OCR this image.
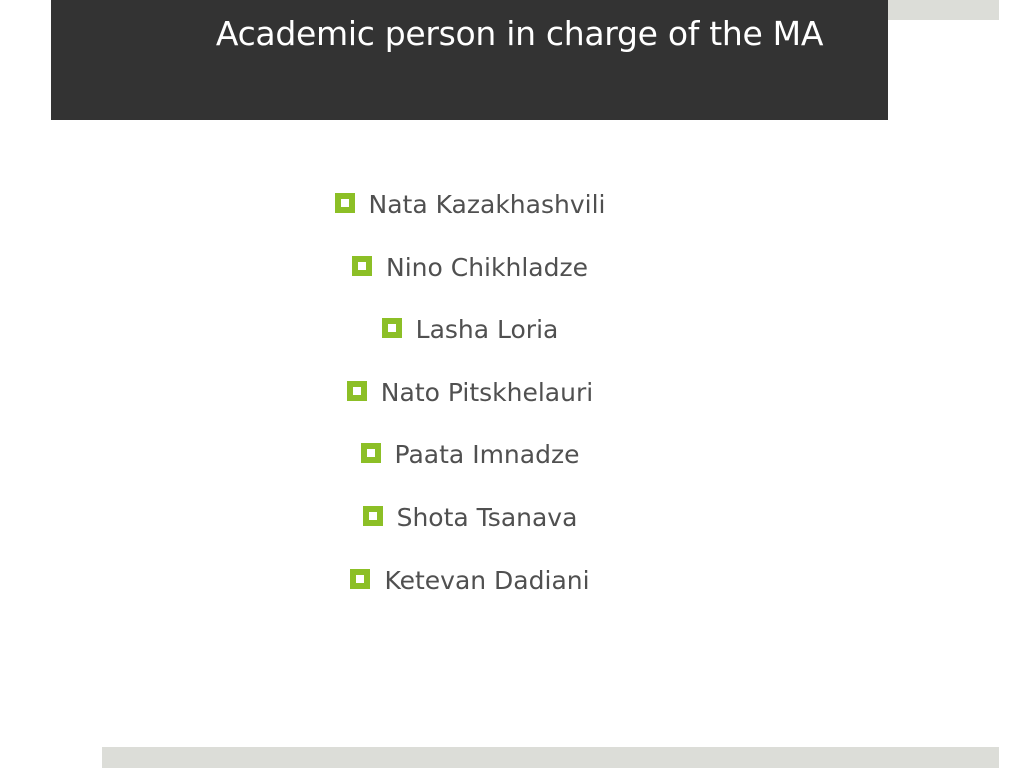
Academic person in charge of the MA
Nata Kazakhashvili
Nino Chikhladze
Lasha Loria
Nato Pitskhelauri
Paata Imnadze
Shota Tsanava
Ketevan Dadiani
